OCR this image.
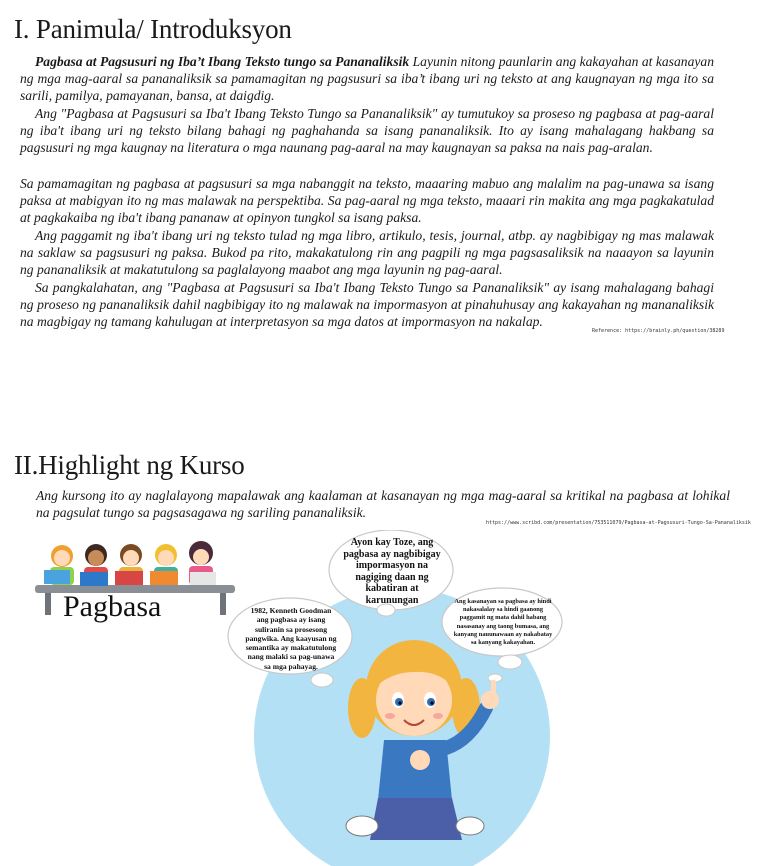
I. Panimula/ Introduksyon

Pagbasa at Pagsusuri ng Iba’t Ibang Teksto tungo sa Pananaliksik Layunin nitong paunlarin ang kakayahan at kasanayan ng mga mag-aaral sa pananaliksik sa pamamagitan ng pagsusuri sa iba’t ibang uri ng teksto at ang kaugnayan ng mga ito sa sarili, pamilya, pamayanan, bansa, at daigdig.

Ang "Pagbasa at Pagsusuri sa Iba't Ibang Teksto Tungo sa Pananaliksik" ay tumutukoy sa proseso ng pagbasa at pag-aaral ng iba't ibang uri ng teksto bilang bahagi ng paghahanda sa isang pananaliksik. Ito ay isang mahalagang hakbang sa pagsusuri ng mga kaugnay na literatura o mga naunang pag-aaral na may kaugnayan sa paksa na nais pag-aralan.

Sa pamamagitan ng pagbasa at pagsusuri sa mga nabanggit na teksto, maaaring mabuo ang malalim na pag-unawa sa isang paksa at mabigyan ito ng mas malawak na perspektiba. Sa pag-aaral ng mga teksto, maaari rin makita ang mga pagkakatulad at pagkakaiba ng iba't ibang pananaw at opinyon tungkol sa isang paksa.

Ang paggamit ng iba't ibang uri ng teksto tulad ng mga libro, artikulo, tesis, journal, atbp. ay nagbibigay ng mas malawak na saklaw sa pagsusuri ng paksa. Bukod pa rito, makakatulong rin ang pagpili ng mga pagsasaliksik na naaayon sa layunin ng pananaliksik at makatutulong sa paglalayong maabot ang mga layunin ng pag-aaral.

Sa pangkalahatan, ang "Pagbasa at Pagsusuri sa Iba't Ibang Teksto Tungo sa Pananaliksik" ay isang mahalagang bahagi ng proseso ng pananaliksik dahil nagbibigay ito ng malawak na impormasyon at pinahuhusay ang kakayahan ng mananaliksik na magbigay ng tamang kahulugan at interpretasyon sa mga datos at impormasyon na nakalap.

Reference: https://brainly.ph/question/38289
II.Highlight ng Kurso

Ang kursong ito ay naglalayong mapalawak ang kaalaman at kasanayan ng mga mag-aaral sa kritikal na pagbasa at lohikal na pagsulat tungo sa pagsasagawa ng sariling pananaliksik.

https://www.scribd.com/presentation/753511079/Pagbasa-at-Pagsusuri-Tungo-Sa-Pananaliksik
Pagbasa
Ayon kay Toze, ang
pagbasa ay nagbibigay
impormasyon na
nagiging daan ng
kabatiran at
karunungan
1982, Kenneth Goodman
ang pagbasa ay isang
suliranin sa prosesong
pangwika. Ang kaayusan ng
semantika ay makatutulong
nang malaki sa pag-unawa
sa mga pahayag.
Ang kasanayan sa pagbasa ay hindi
nakasalalay sa hindi gaanong
paggamit ng mata dahil habang
nasasanay ang taong bumasa, ang
kanyang nauunawaan ay nakabatay
sa kanyang kakayahan.
